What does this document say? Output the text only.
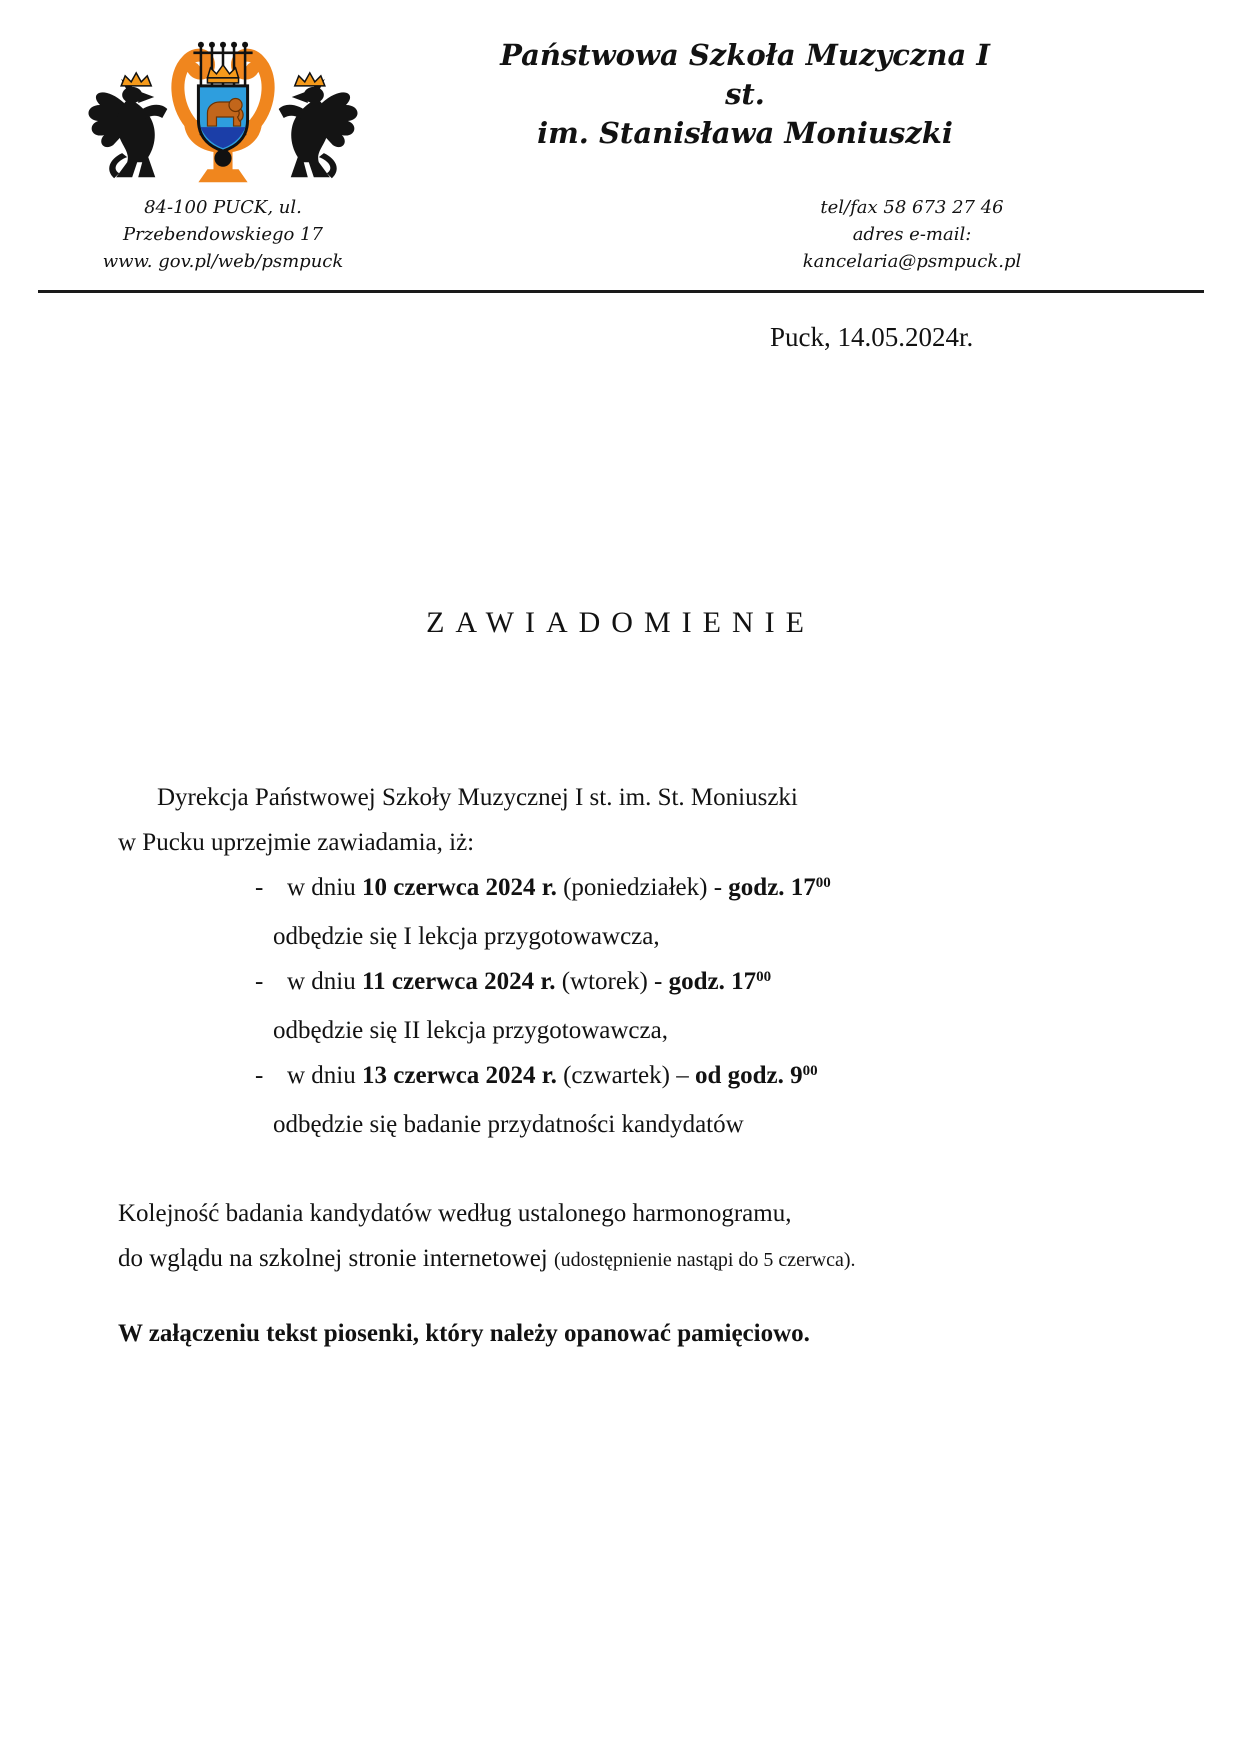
Państwowa Szkoła Muzyczna I st.
im. Stanisława Moniuszki
84-100 PUCK, ul. Przebendowskiego 17
www. gov.pl/web/psmpuck
tel/fax 58 673 27 46
adres e-mail: kancelaria@psmpuck.pl
Puck, 14.05.2024r.
ZAWIADOMIENIE

Dyrekcja Państwowej Szkoły Muzycznej I st. im. St. Moniuszki
w Pucku uprzejmie zawiadamia, iż:

- w dniu 10 czerwca 2024 r. (poniedziałek) - godz. $17^{00}$
odbędzie się I lekcja przygotowawcza,
- w dniu 11 czerwca 2024 r. (wtorek) - godz. $17^{00}$
odbędzie się II lekcja przygotowawcza,
- w dniu 13 czerwca 2024 r. (czwartek) – od godz. $9^{00}$
odbędzie się badanie przydatności kandydatów

Kolejność badania kandydatów według ustalonego harmonogramu,
do wglądu na szkolnej stronie internetowej (udostępnienie nastąpi do 5 czerwca).

W załączeniu tekst piosenki, który należy opanować pamięciowo.
